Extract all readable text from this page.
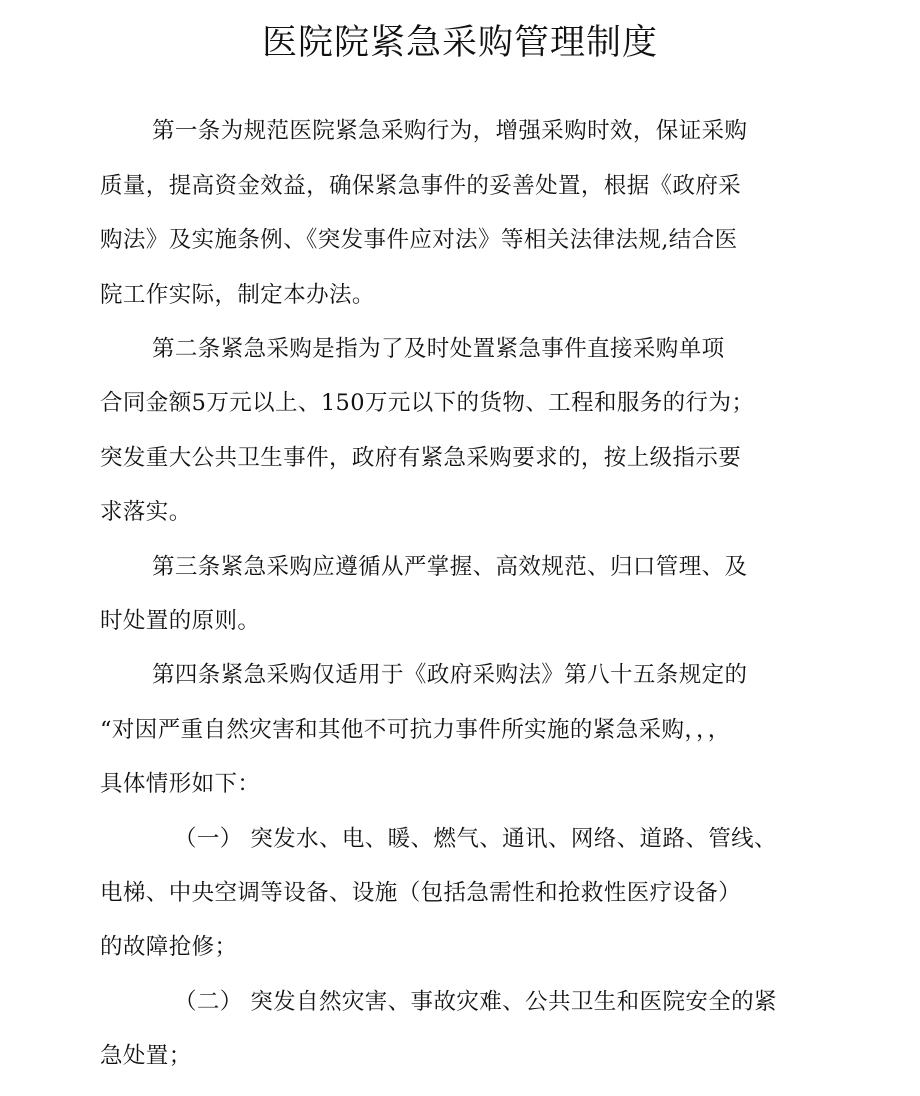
医院院紧急采购管理制度
第一条为规范医院紧急采购行为，增强采购时效，保证采购
质量，提高资金效益，确保紧急事件的妥善处置，根据《政府采
购法》及实施条例、《突发事件应对法》等相关法律法规,结合医
院工作实际，制定本办法。
第二条紧急采购是指为了及时处置紧急事件直接采购单项
合同金额5万元以上、150万元以下的货物、工程和服务的行为；
突发重大公共卫生事件，政府有紧急采购要求的，按上级指示要
求落实。
第三条紧急采购应遵循从严掌握、高效规范、归口管理、及
时处置的原则。
第四条紧急采购仅适用于《政府采购法》第八十五条规定的
“对因严重自然灾害和其他不可抗力事件所实施的紧急采购，，，
具体情形如下：
（一） 突发水、电、暖、燃气、通讯、网络、道路、管线、
电梯、中央空调等设备、设施（包括急需性和抢救性医疗设备）
的故障抢修；
（二） 突发自然灾害、事故灾难、公共卫生和医院安全的紧
急处置；
